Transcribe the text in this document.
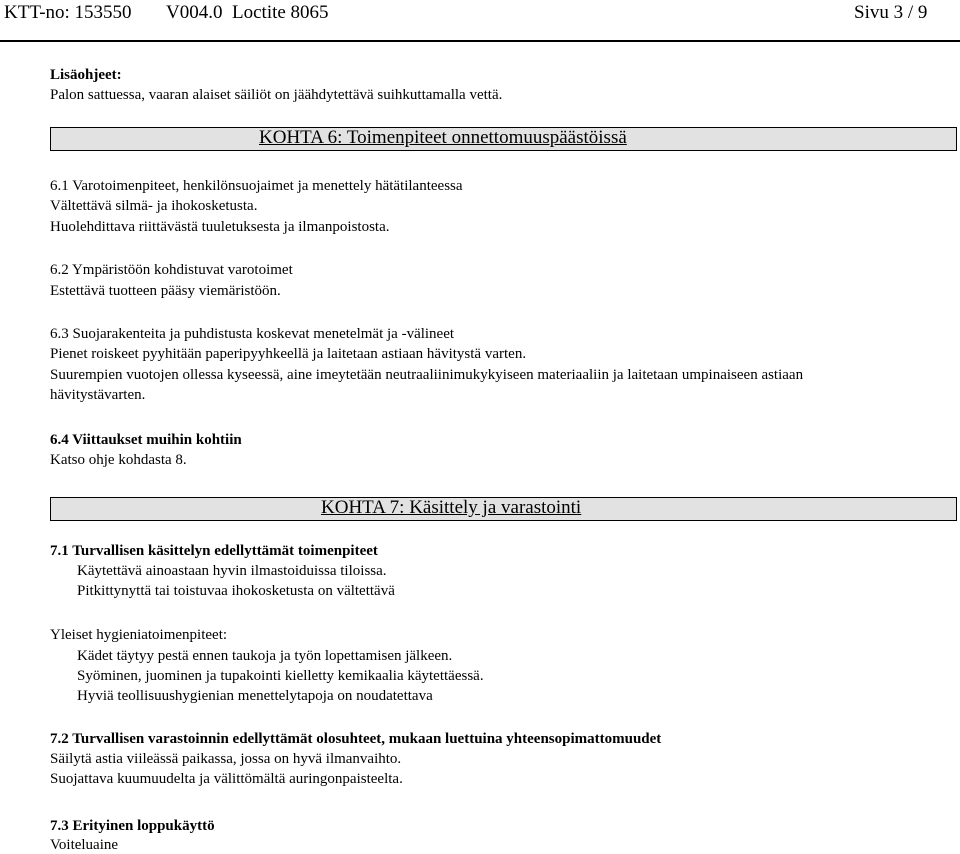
KTT-no: 153550 V004.0 Loctite 8065	Sivu 3 / 9
Lisäohjeet:
Palon sattuessa, vaaran alaiset säiliöt on jäähdytettävä suihkuttamalla vettä.
KOHTA 6: Toimenpiteet onnettomuuspäästöissä
6.1 Varotoimenpiteet, henkilönsuojaimet ja menettely hätätilanteessa
Vältettävä silmä- ja ihokosketusta.
Huolehdittava riittävästä tuuletuksesta ja ilmanpoistosta.
6.2 Ympäristöön kohdistuvat varotoimet
Estettävä tuotteen pääsy viemäristöön.
6.3 Suojarakenteita ja puhdistusta koskevat menetelmät ja -välineet
Pienet roiskeet pyyhitään paperipyyhkeellä ja laitetaan astiaan hävitystä varten.
Suurempien vuotojen ollessa kyseessä, aine imeytetään neutraaliinimukykyiseen materiaaliin ja laitetaan umpinaiseen astiaan
hävitystävarten.
6.4 Viittaukset muihin kohtiin
Katso ohje kohdasta 8.
KOHTA 7: Käsittely ja varastointi
7.1 Turvallisen käsittelyn edellyttämät toimenpiteet
Käytettävä ainoastaan hyvin ilmastoiduissa tiloissa.
Pitkittynyttä tai toistuvaa ihokosketusta on vältettävä
Yleiset hygieniatoimenpiteet:
Kädet täytyy pestä ennen taukoja ja työn lopettamisen jälkeen.
Syöminen, juominen ja tupakointi kielletty kemikaalia käytettäessä.
Hyviä teollisuushygienian menettelytapoja on noudatettava
7.2 Turvallisen varastoinnin edellyttämät olosuhteet, mukaan luettuina yhteensopimattomuudet
Säilytä astia viileässä paikassa, jossa on hyvä ilmanvaihto.
Suojattava kuumuudelta ja välittömältä auringonpaisteelta.
7.3 Erityinen loppukäyttö
Voiteluaine
